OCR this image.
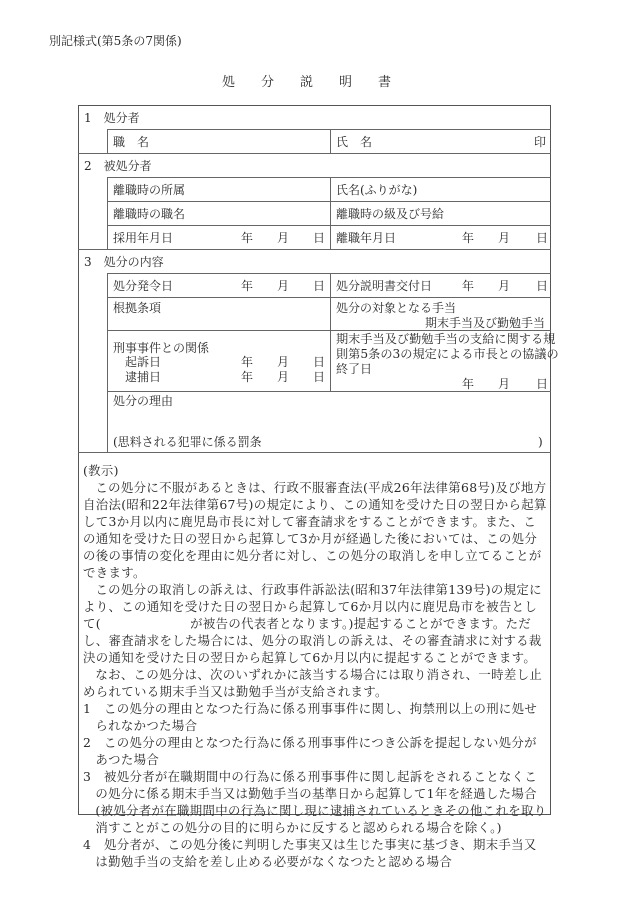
別記様式(第5条の7関係)
処 分 説 明 書
1　処分者
職　名	氏　名	印
2　被処分者
離職時の所属	氏名(ふりがな)
離職時の職名	離職時の級及び号給
採用年月日	年 月 日 離職年月日	年 月 日
3　処分の内容
処分発令日	年 月 日 処分説明書交付日 年 月 日
根拠条項	処分の対象となる手当
期末手当及び勤勉手当
刑事事件との関係
起訴日	年 月 日
逮捕日	年 月 日
期末手当及び勤勉手当の支給に関する規
則第5条の3の規定による市長との協議の
終了日
年 月 日
処分の理由
(思料される犯罪に係る罰条	)

(教示)

この処分に不服があるときは、行政不服審査法(平成26年法律第68号)及び地方自治法(昭和22年法律第67号)の規定により、この通知を受けた日の翌日から起算して3か月以内に鹿児島市長に対して審査請求をすることができます。また、この通知を受けた日の翌日から起算して3か月が経過した後においては、この処分の後の事情の変化を理由に処分者に対し、この処分の取消しを申し立てることができます。

この処分の取消しの訴えは、行政事件訴訟法(昭和37年法律第139号)の規定により、この通知を受けた日の翌日から起算して6か月以内に鹿児島市を被告として(　　　　　　　が被告の代表者となります。)提起することができます。ただし、審査請求をした場合には、処分の取消しの訴えは、その審査請求に対する裁決の通知を受けた日の翌日から起算して6か月以内に提起することができます。

なお、この処分は、次のいずれかに該当する場合には取り消され、一時差し止められている期末手当又は勤勉手当が支給されます。

1　この処分の理由となつた行為に係る刑事事件に関し、拘禁刑以上の刑に処せられなかつた場合

2　この処分の理由となつた行為に係る刑事事件につき公訴を提起しない処分があつた場合

3　被処分者が在職期間中の行為に係る刑事事件に関し起訴をされることなくこの処分に係る期末手当又は勤勉手当の基準日から起算して1年を経過した場合(被処分者が在職期間中の行為に関し現に逮捕されているときその他これを取り消すことがこの処分の目的に明らかに反すると認められる場合を除く。)

4　処分者が、この処分後に判明した事実又は生じた事実に基づき、期末手当又は勤勉手当の支給を差し止める必要がなくなつたと認める場合
